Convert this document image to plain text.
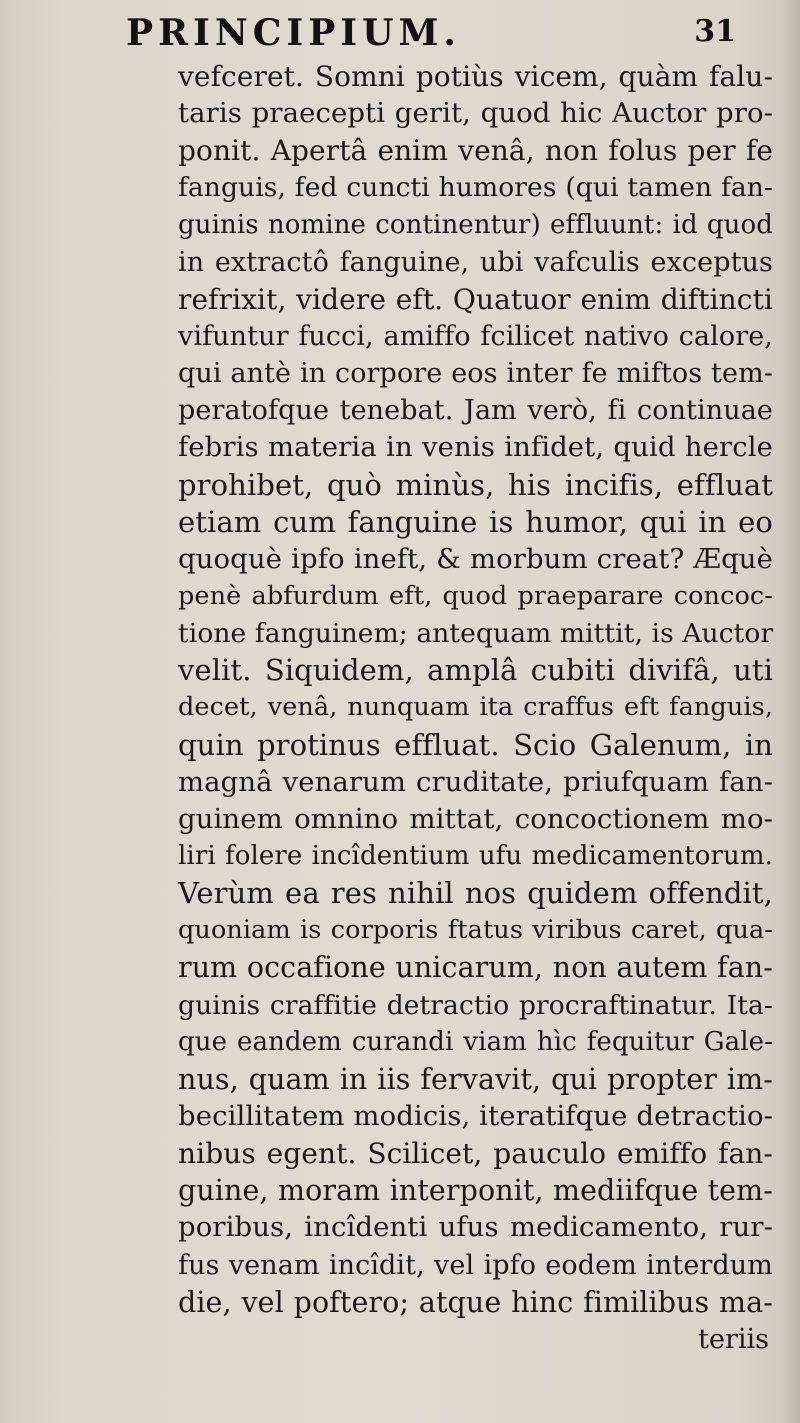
PRINCIPIUM.	31
vefceret. Somni potiùs vicem, quàm falu-
taris praecepti gerit, quod hic Auctor pro-
ponit. Apertâ enim venâ, non folus per fe
fanguis, fed cuncti humores (qui tamen fan-
guinis nomine continentur) effluunt: id quod
in extractô fanguine, ubi vafculis exceptus
refrixit, videre eft. Quatuor enim diftincti
vifuntur fucci, amiffo fcilicet nativo calore,
qui antè in corpore eos inter fe miftos tem-
peratofque tenebat. Jam verò, fi continuae
febris materia in venis infidet, quid hercle
prohibet, quò minùs, his incifis, effluat
etiam cum fanguine is humor, qui in eo
quoquè ipfo ineft, & morbum creat? Æquè
penè abfurdum eft, quod praeparare concoc-
tione fanguinem; antequam mittit, is Auctor
velit. Siquidem, amplâ cubiti divifâ, uti
decet, venâ, nunquam ita craffus eft fanguis,
quin protinus effluat. Scio Galenum, in
magnâ venarum cruditate, priufquam fan-
guinem omnino mittat, concoctionem mo-
liri folere incîdentium ufu medicamentorum.
Verùm ea res nihil nos quidem offendit,
quoniam is corporis ftatus viribus caret, qua-
rum occafione unicarum, non autem fan-
guinis craffitie detractio procraftinatur. Ita-
que eandem curandi viam hìc fequitur Gale-
nus, quam in iis fervavit, qui propter im-
becillitatem modicis, iteratifque detractio-
nibus egent. Scilicet, pauculo emiffo fan-
guine, moram interponit, mediifque tem-
poribus, incîdenti ufus medicamento, rur-
fus venam incîdit, vel ipfo eodem interdum
die, vel poftero; atque hinc fimilibus ma-
teriis
